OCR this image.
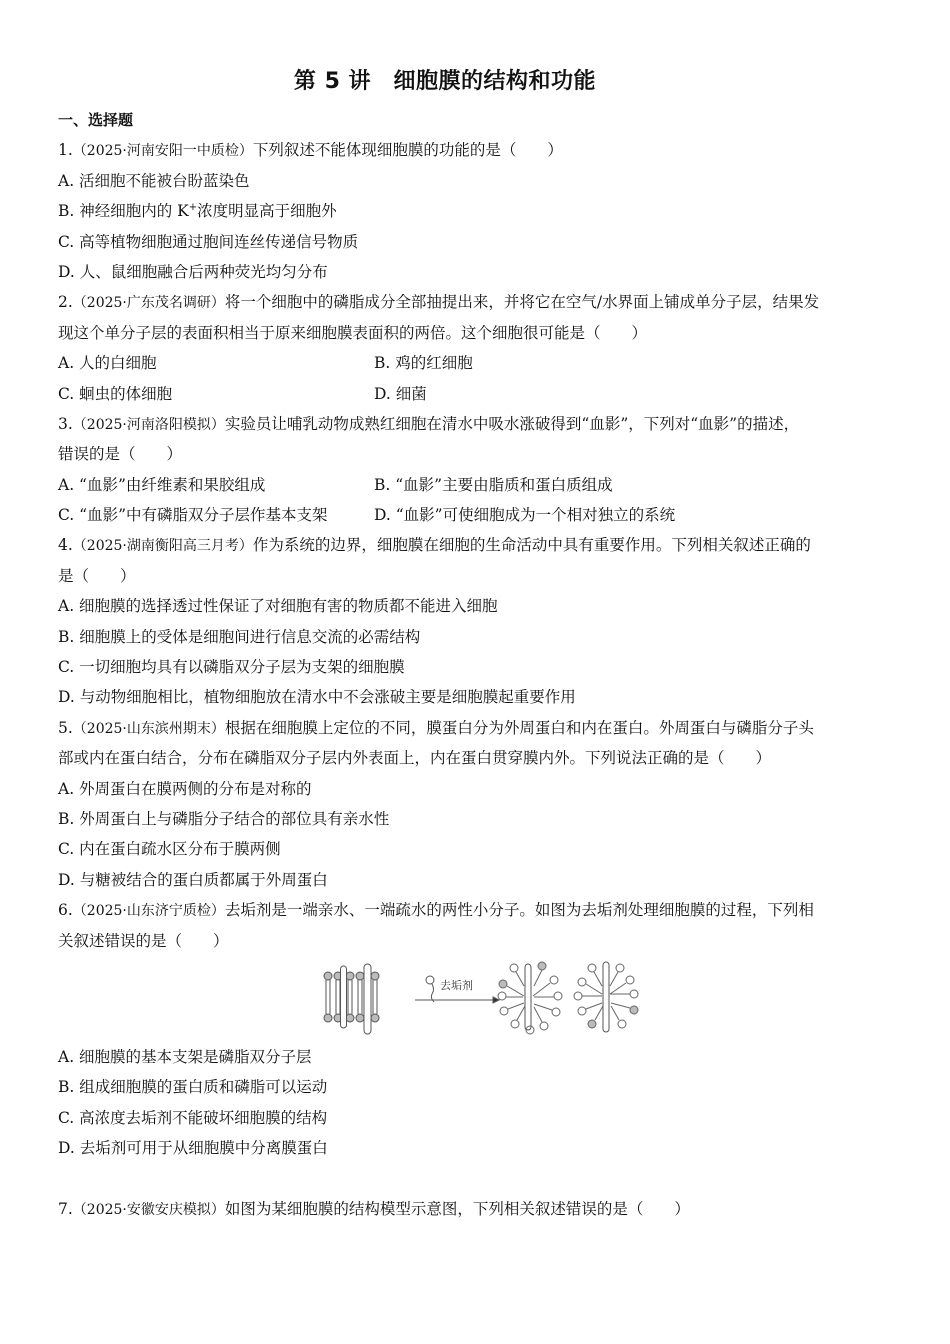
第 5 讲　细胞膜的结构和功能
一、选择题
1.（2025·河南安阳一中质检）下列叙述不能体现细胞膜的功能的是（　　）
A. 活细胞不能被台盼蓝染色
B. 神经细胞内的 K+浓度明显高于细胞外
C. 高等植物细胞通过胞间连丝传递信号物质
D. 人、鼠细胞融合后两种荧光均匀分布
2.（2025·广东茂名调研）将一个细胞中的磷脂成分全部抽提出来，并将它在空气/水界面上铺成单分子层，结果发
现这个单分子层的表面积相当于原来细胞膜表面积的两倍。这个细胞很可能是（　　）
A. 人的白细胞	B. 鸡的红细胞
C. 蛔虫的体细胞	D. 细菌
3.（2025·河南洛阳模拟）实验员让哺乳动物成熟红细胞在清水中吸水涨破得到“血影”，下列对“血影”的描述，
错误的是（　　）
A. “血影”由纤维素和果胶组成	B. “血影”主要由脂质和蛋白质组成
C. “血影”中有磷脂双分子层作基本支架	D. “血影”可使细胞成为一个相对独立的系统
4.（2025·湖南衡阳高三月考）作为系统的边界，细胞膜在细胞的生命活动中具有重要作用。下列相关叙述正确的
是（　　）
A. 细胞膜的选择透过性保证了对细胞有害的物质都不能进入细胞
B. 细胞膜上的受体是细胞间进行信息交流的必需结构
C. 一切细胞均具有以磷脂双分子层为支架的细胞膜
D. 与动物细胞相比，植物细胞放在清水中不会涨破主要是细胞膜起重要作用
5.（2025·山东滨州期末）根据在细胞膜上定位的不同，膜蛋白分为外周蛋白和内在蛋白。外周蛋白与磷脂分子头
部或内在蛋白结合，分布在磷脂双分子层内外表面上，内在蛋白贯穿膜内外。下列说法正确的是（　　）
A. 外周蛋白在膜两侧的分布是对称的
B. 外周蛋白上与磷脂分子结合的部位具有亲水性
C. 内在蛋白疏水区分布于膜两侧
D. 与糖被结合的蛋白质都属于外周蛋白
6.（2025·山东济宁质检）去垢剂是一端亲水、一端疏水的两性小分子。如图为去垢剂处理细胞膜的过程，下列相
关叙述错误的是（　　）
去垢剂
A. 细胞膜的基本支架是磷脂双分子层
B. 组成细胞膜的蛋白质和磷脂可以运动
C. 高浓度去垢剂不能破坏细胞膜的结构
D. 去垢剂可用于从细胞膜中分离膜蛋白
7.（2025·安徽安庆模拟）如图为某细胞膜的结构模型示意图，下列相关叙述错误的是（　　）
